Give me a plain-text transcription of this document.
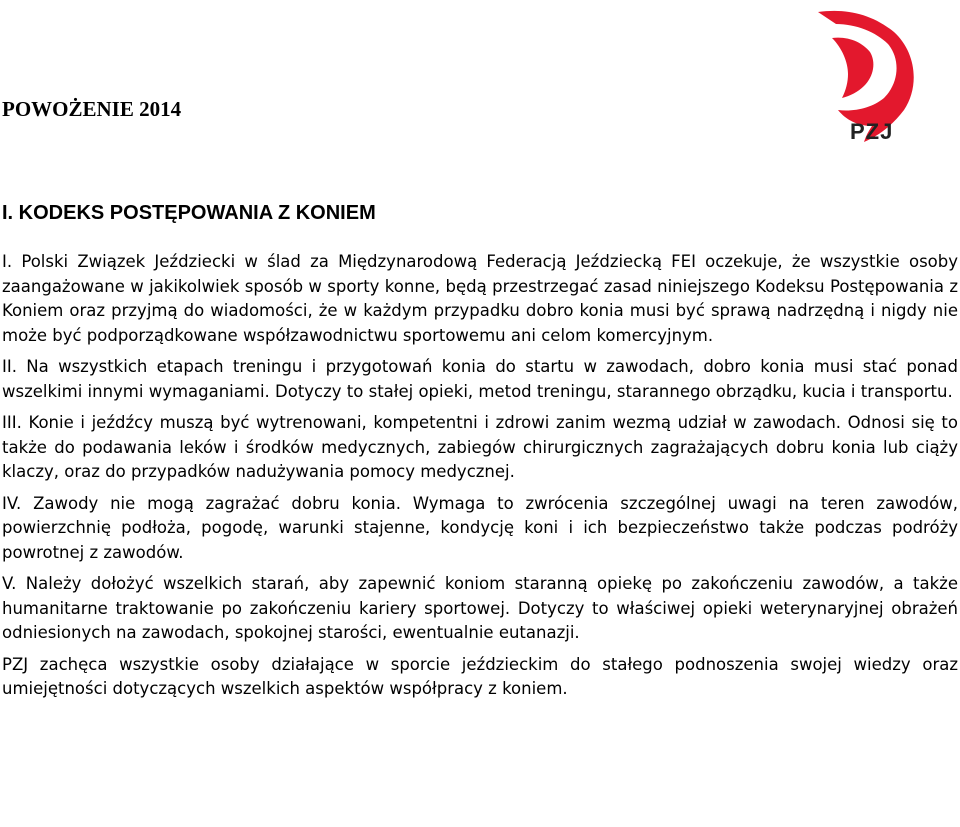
PZJ
POWOŻENIE 2014
I. KODEKS POSTĘPOWANIA Z KONIEM

I. Polski Związek Jeździecki w ślad za Międzynarodową Federacją Jeździecką FEI oczekuje, że wszystkie osoby zaangażowane w jakikolwiek sposób w sporty konne, będą przestrzegać zasad niniejszego Kodeksu Postępowania z Koniem oraz przyjmą do wiadomości, że w każdym przypadku dobro konia musi być sprawą nadrzędną i nigdy nie może być podporządkowane współzawodnictwu sportowemu ani celom komercyjnym.

II. Na wszystkich etapach treningu i przygotowań konia do startu w zawodach, dobro konia musi stać ponad wszelkimi innymi wymaganiami. Dotyczy to stałej opieki, metod treningu, starannego obrządku, kucia i transportu.

III. Konie i jeźdźcy muszą być wytrenowani, kompetentni i zdrowi zanim wezmą udział w zawodach. Odnosi się to także do podawania leków i środków medycznych, zabiegów chirurgicznych zagrażających dobru konia lub ciąży klaczy, oraz do przypadków nadużywania pomocy medycznej.

IV. Zawody nie mogą zagrażać dobru konia. Wymaga to zwrócenia szczególnej uwagi na teren zawodów, powierzchnię podłoża, pogodę, warunki stajenne, kondycję koni i ich bezpieczeństwo także podczas podróży powrotnej z zawodów.

V. Należy dołożyć wszelkich starań, aby zapewnić koniom staranną opiekę po zakończeniu zawodów, a także humanitarne traktowanie po zakończeniu kariery sportowej. Dotyczy to właściwej opieki weterynaryjnej obrażeń odniesionych na zawodach, spokojnej starości, ewentualnie eutanazji.

PZJ zachęca wszystkie osoby działające w sporcie jeździeckim do stałego podnoszenia swojej wiedzy oraz umiejętności dotyczących wszelkich aspektów współpracy z koniem.
